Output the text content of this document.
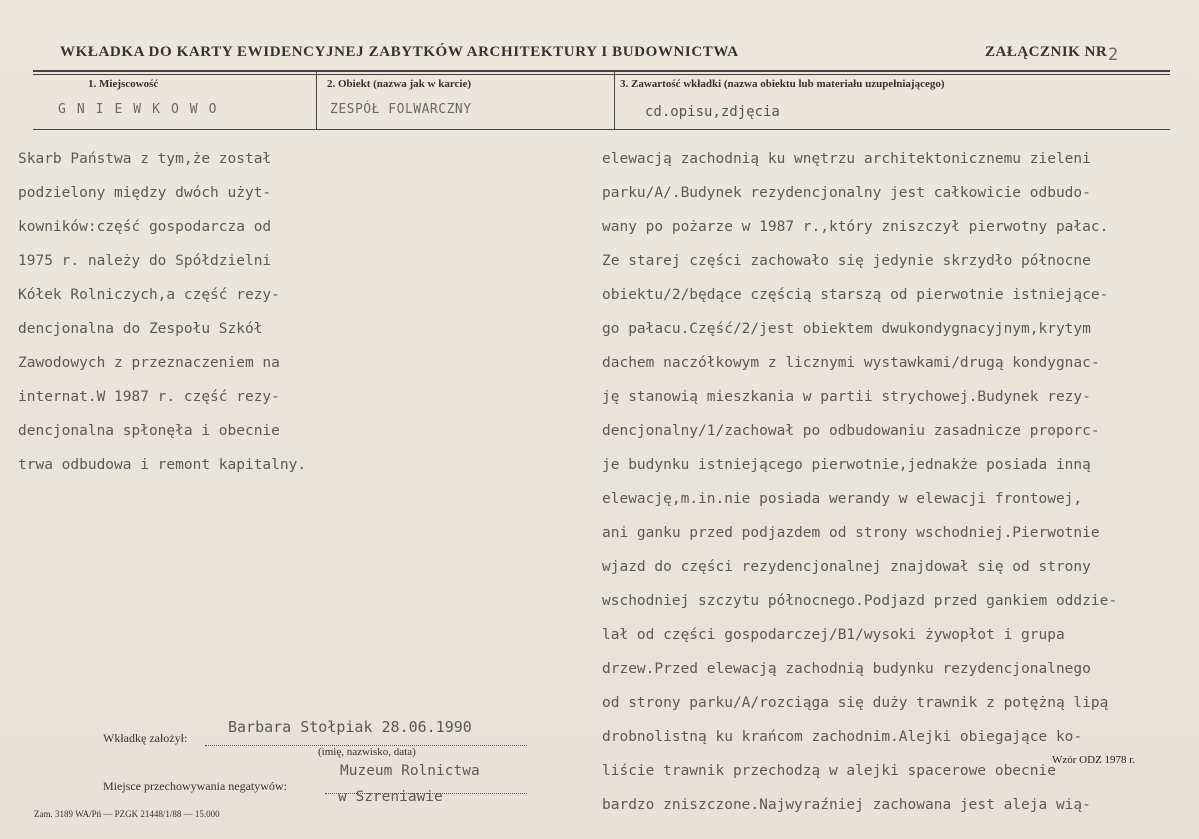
WKŁADKA DO KARTY EWIDENCYJNEJ ZABYTKÓW ARCHITEKTURY I BUDOWNICTWA	ZAŁĄCZNIK NR 2
1. Miejscowość	2. Obiekt (nazwa jak w karcie)	3. Zawartość wkładki (nazwa obiektu lub materiału uzupełniającego)
GNIEWKOWO	ZESPÓŁ FOLWARCZNY	cd.opisu,zdjęcia
Skarb Państwa z tym,że został
podzielony między dwóch użyt-
kowników:część gospodarcza od
1975 r. należy do Spółdzielni
Kółek Rolniczych,a część rezy-
dencjonalna do Zespołu Szkół
Zawodowych z przeznaczeniem na
internat.W 1987 r. część rezy-
dencjonalna spłonęła i obecnie
trwa odbudowa i remont kapitalny.
elewacją zachodnią ku wnętrzu architektonicznemu zieleni
parku/A/.Budynek rezydencjonalny jest całkowicie odbudo-
wany po pożarze w 1987 r.,który zniszczył pierwotny pałac.
Ze starej części zachowało się jedynie skrzydło północne
obiektu/2/będące częścią starszą od pierwotnie istniejące-
go pałacu.Część/2/jest obiektem dwukondygnacyjnym,krytym
dachem naczółkowym z licznymi wystawkami/drugą kondygnac-
ję stanowią mieszkania w partii strychowej.Budynek rezy-
dencjonalny/1/zachował po odbudowaniu zasadnicze proporc-
je budynku istniejącego pierwotnie,jednakże posiada inną
elewację,m.in.nie posiada werandy w elewacji frontowej,
ani ganku przed podjazdem od strony wschodniej.Pierwotnie
wjazd do części rezydencjonalnej znajdował się od strony
wschodniej szczytu północnego.Podjazd przed gankiem oddzie-
lał od części gospodarczej/B1/wysoki żywopłot i grupa
drzew.Przed elewacją zachodnią budynku rezydencjonalnego
od strony parku/A/rozciąga się duży trawnik z potężną lipą
drobnolistną ku krańcom zachodnim.Alejki obiegające ko-
liście trawnik przechodzą w alejki spacerowe obecnie
bardzo zniszczone.Najwyraźniej zachowana jest aleja wią-
Wkładkę założył:
Barbara Stołpiak 28.06.1990
(imię, nazwisko, data)
Miejsce przechowywania negatywów:
Muzeum Rolnictwa
w Szreniawie
Zam. 3189 WA/Pń — PZGK 21448/1/88 — 15.000
Wzór ODZ 1978 r.
